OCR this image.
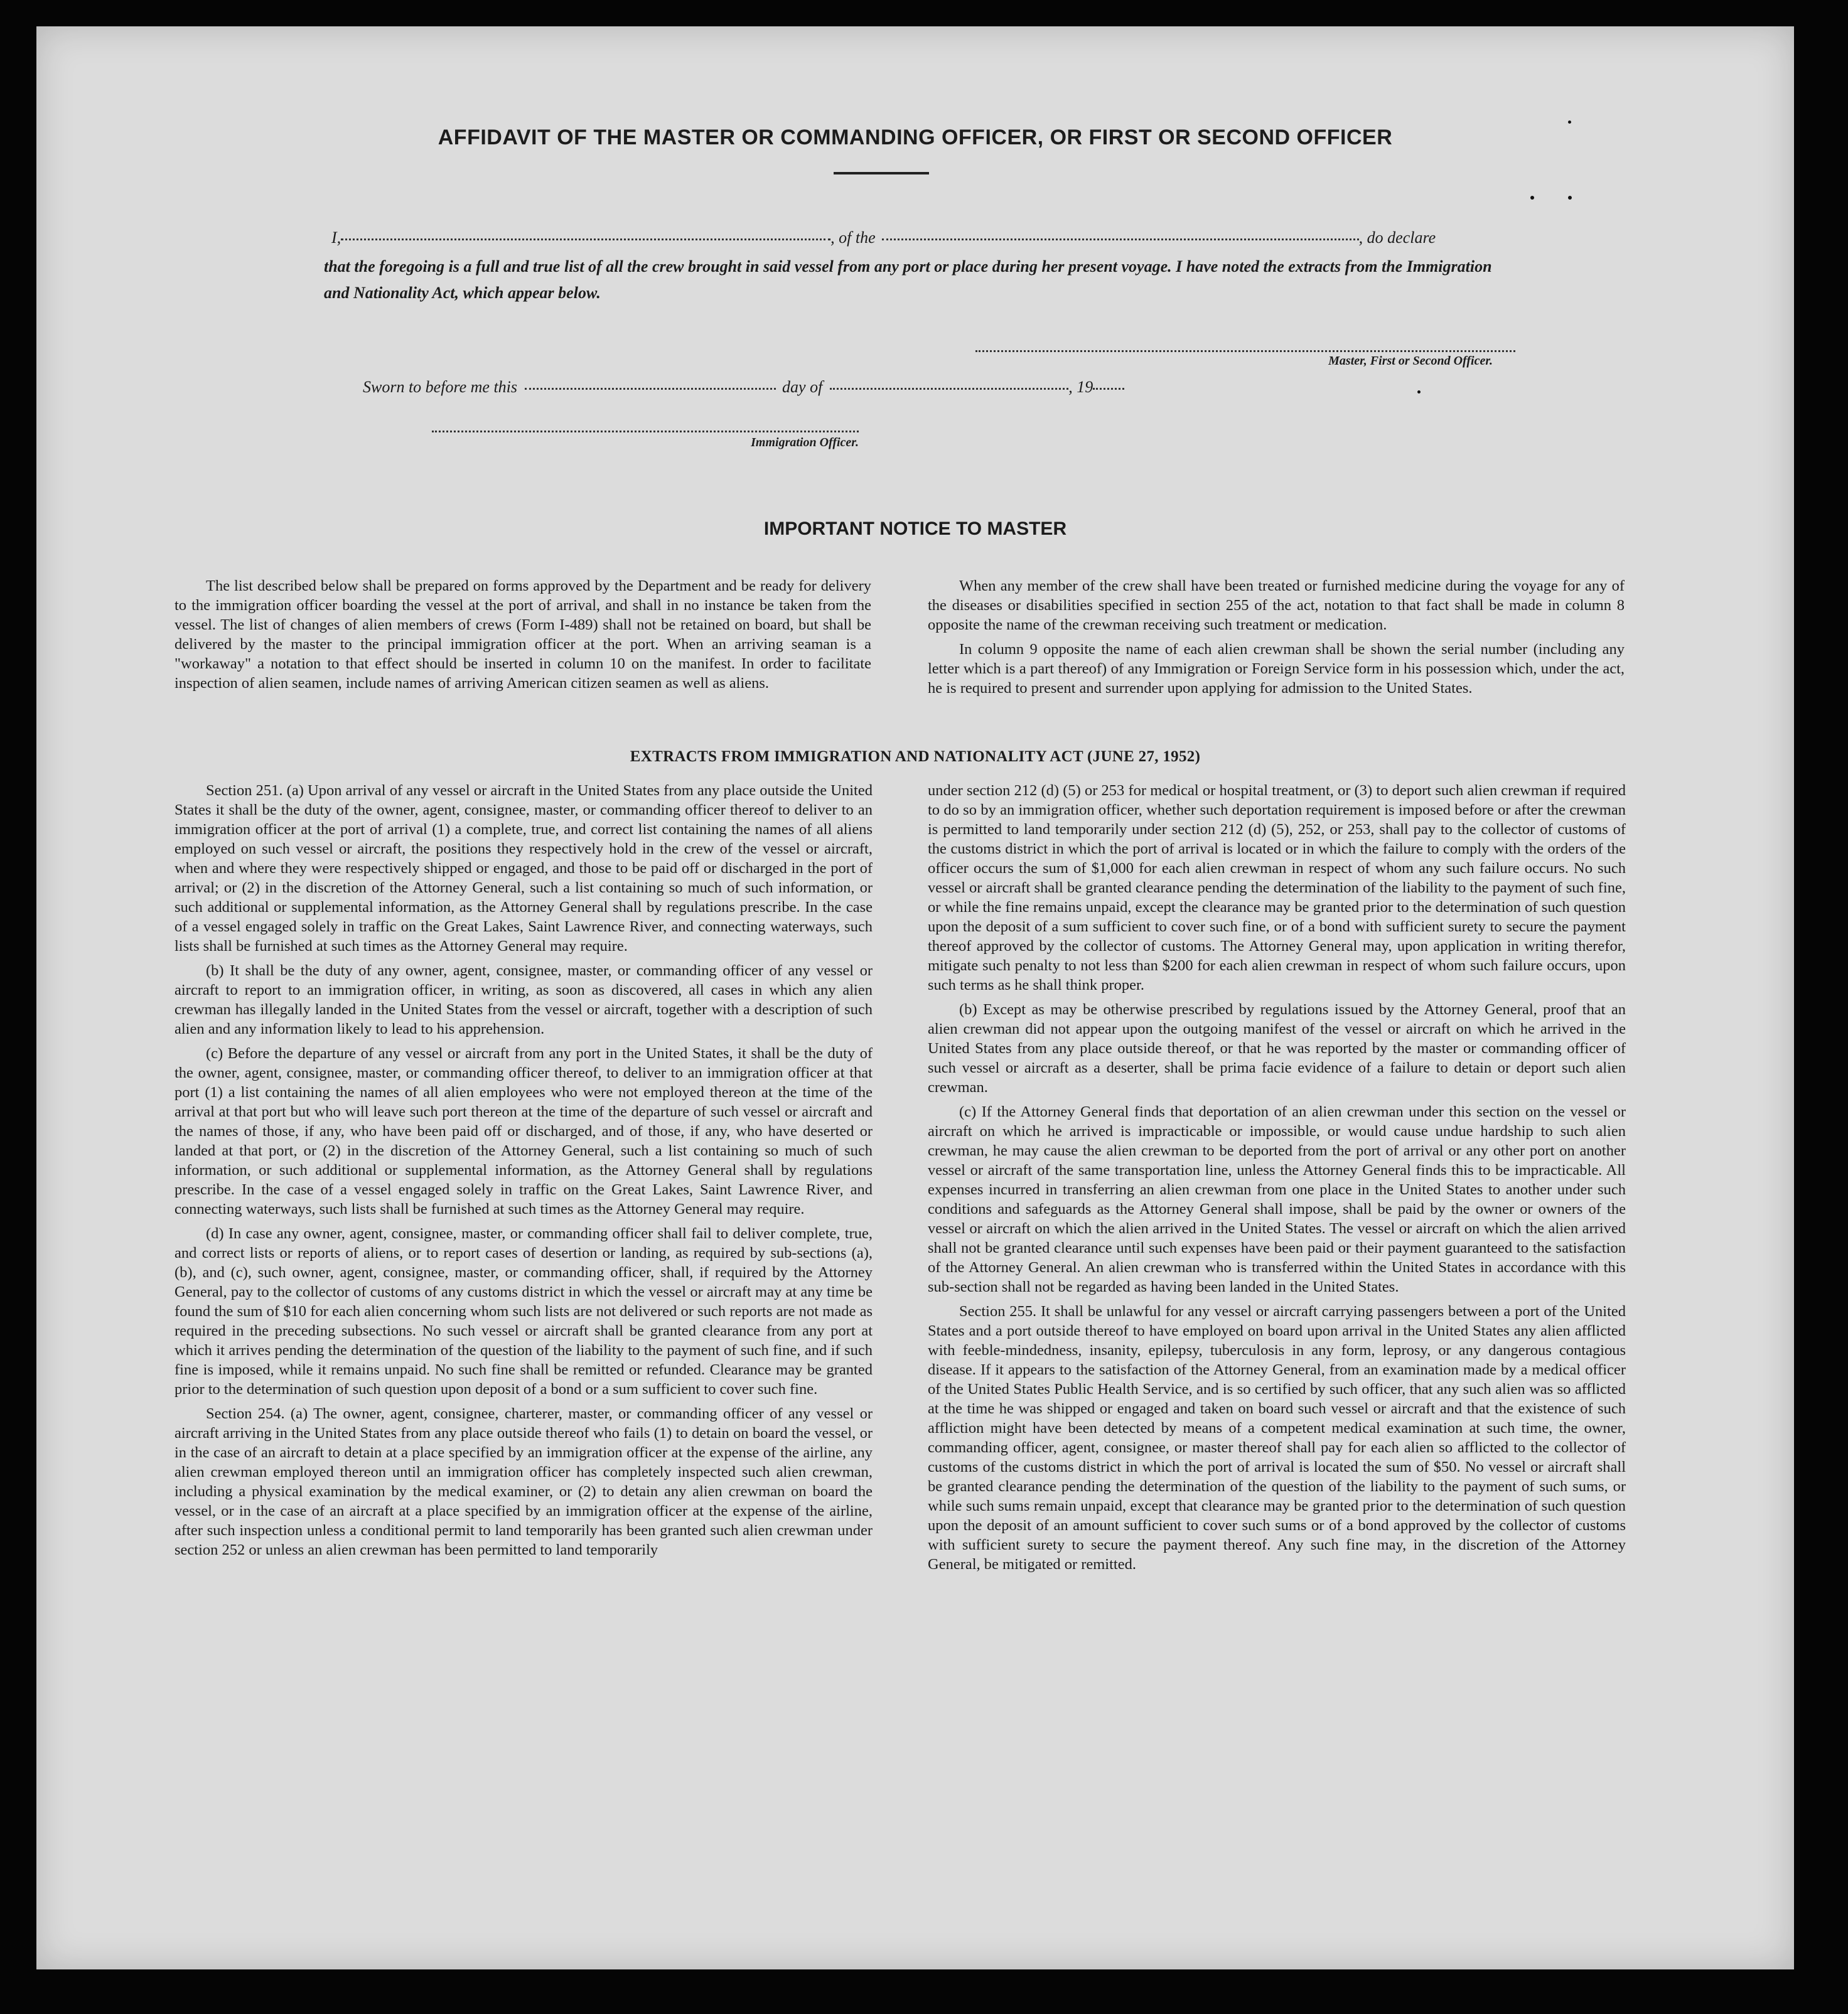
AFFIDAVIT OF THE MASTER OR COMMANDING OFFICER, OR FIRST OR SECOND OFFICER
I,	, of the	, do declare
that the foregoing is a full and true list of all the crew brought in said vessel from any port or place during her present voyage. I have noted the extracts from the Immigration and Nationality Act, which appear below.
Master, First or Second Officer.
Sworn to before me this	day of	, 19
Immigration Officer.
IMPORTANT NOTICE TO MASTER

The list described below shall be prepared on forms approved by the Department and be ready for delivery to the immigration officer boarding the vessel at the port of arrival, and shall in no instance be taken from the vessel. The list of changes of alien members of crews (Form I-489) shall not be retained on board, but shall be delivered by the master to the principal immigration officer at the port. When an arriving seaman is a "workaway" a notation to that effect should be inserted in column 10 on the manifest. In order to facilitate inspection of alien seamen, include names of arriving American citizen seamen as well as aliens.

When any member of the crew shall have been treated or furnished medicine during the voyage for any of the diseases or disabilities specified in section 255 of the act, notation to that fact shall be made in column 8 opposite the name of the crewman receiving such treatment or medication.

In column 9 opposite the name of each alien crewman shall be shown the serial number (including any letter which is a part thereof) of any Immigration or Foreign Service form in his possession which, under the act, he is required to present and surrender upon applying for admission to the United States.

EXTRACTS FROM IMMIGRATION AND NATIONALITY ACT (JUNE 27, 1952)

Section 251. (a) Upon arrival of any vessel or aircraft in the United States from any place outside the United States it shall be the duty of the owner, agent, consignee, master, or commanding officer thereof to deliver to an immigration officer at the port of arrival (1) a complete, true, and correct list containing the names of all aliens employed on such vessel or aircraft, the positions they respectively hold in the crew of the vessel or aircraft, when and where they were respectively shipped or engaged, and those to be paid off or discharged in the port of arrival; or (2) in the discretion of the Attorney General, such a list containing so much of such information, or such additional or supplemental information, as the Attorney General shall by regulations prescribe. In the case of a vessel engaged solely in traffic on the Great Lakes, Saint Lawrence River, and connecting waterways, such lists shall be furnished at such times as the Attorney General may require.

(b) It shall be the duty of any owner, agent, consignee, master, or commanding officer of any vessel or aircraft to report to an immigration officer, in writing, as soon as discovered, all cases in which any alien crewman has illegally landed in the United States from the vessel or aircraft, together with a description of such alien and any information likely to lead to his apprehension.

(c) Before the departure of any vessel or aircraft from any port in the United States, it shall be the duty of the owner, agent, consignee, master, or commanding officer thereof, to deliver to an immigration officer at that port (1) a list containing the names of all alien employees who were not employed thereon at the time of the arrival at that port but who will leave such port thereon at the time of the departure of such vessel or aircraft and the names of those, if any, who have been paid off or discharged, and of those, if any, who have deserted or landed at that port, or (2) in the discretion of the Attorney General, such a list containing so much of such information, or such additional or supplemental information, as the Attorney General shall by regulations prescribe. In the case of a vessel engaged solely in traffic on the Great Lakes, Saint Lawrence River, and connecting waterways, such lists shall be furnished at such times as the Attorney General may require.

(d) In case any owner, agent, consignee, master, or commanding officer shall fail to deliver complete, true, and correct lists or reports of aliens, or to report cases of desertion or landing, as required by sub-sections (a), (b), and (c), such owner, agent, consignee, master, or commanding officer, shall, if required by the Attorney General, pay to the collector of customs of any customs district in which the vessel or aircraft may at any time be found the sum of $10 for each alien concerning whom such lists are not delivered or such reports are not made as required in the preceding subsections. No such vessel or aircraft shall be granted clearance from any port at which it arrives pending the determination of the question of the liability to the payment of such fine, and if such fine is imposed, while it remains unpaid. No such fine shall be remitted or refunded. Clearance may be granted prior to the determination of such question upon deposit of a bond or a sum sufficient to cover such fine.

Section 254. (a) The owner, agent, consignee, charterer, master, or commanding officer of any vessel or aircraft arriving in the United States from any place outside thereof who fails (1) to detain on board the vessel, or in the case of an aircraft to detain at a place specified by an immigration officer at the expense of the airline, any alien crewman employed thereon until an immigration officer has completely inspected such alien crewman, including a physical examination by the medical examiner, or (2) to detain any alien crewman on board the vessel, or in the case of an aircraft at a place specified by an immigration officer at the expense of the airline, after such inspection unless a conditional permit to land temporarily has been granted such alien crewman under section 252 or unless an alien crewman has been permitted to land temporarily

under section 212 (d) (5) or 253 for medical or hospital treatment, or (3) to deport such alien crewman if required to do so by an immigration officer, whether such deportation requirement is imposed before or after the crewman is permitted to land temporarily under section 212 (d) (5), 252, or 253, shall pay to the collector of customs of the customs district in which the port of arrival is located or in which the failure to comply with the orders of the officer occurs the sum of $1,000 for each alien crewman in respect of whom any such failure occurs. No such vessel or aircraft shall be granted clearance pending the determination of the liability to the payment of such fine, or while the fine remains unpaid, except the clearance may be granted prior to the determination of such question upon the deposit of a sum sufficient to cover such fine, or of a bond with sufficient surety to secure the payment thereof approved by the collector of customs. The Attorney General may, upon application in writing therefor, mitigate such penalty to not less than $200 for each alien crewman in respect of whom such failure occurs, upon such terms as he shall think proper.

(b) Except as may be otherwise prescribed by regulations issued by the Attorney General, proof that an alien crewman did not appear upon the outgoing manifest of the vessel or aircraft on which he arrived in the United States from any place outside thereof, or that he was reported by the master or commanding officer of such vessel or aircraft as a deserter, shall be prima facie evidence of a failure to detain or deport such alien crewman.

(c) If the Attorney General finds that deportation of an alien crewman under this section on the vessel or aircraft on which he arrived is impracticable or impossible, or would cause undue hardship to such alien crewman, he may cause the alien crewman to be deported from the port of arrival or any other port on another vessel or aircraft of the same transportation line, unless the Attorney General finds this to be impracticable. All expenses incurred in transferring an alien crewman from one place in the United States to another under such conditions and safeguards as the Attorney General shall impose, shall be paid by the owner or owners of the vessel or aircraft on which the alien arrived in the United States. The vessel or aircraft on which the alien arrived shall not be granted clearance until such expenses have been paid or their payment guaranteed to the satisfaction of the Attorney General. An alien crewman who is transferred within the United States in accordance with this sub-section shall not be regarded as having been landed in the United States.

Section 255. It shall be unlawful for any vessel or aircraft carrying passengers between a port of the United States and a port outside thereof to have employed on board upon arrival in the United States any alien afflicted with feeble-mindedness, insanity, epilepsy, tuberculosis in any form, leprosy, or any dangerous contagious disease. If it appears to the satisfaction of the Attorney General, from an examination made by a medical officer of the United States Public Health Service, and is so certified by such officer, that any such alien was so afflicted at the time he was shipped or engaged and taken on board such vessel or aircraft and that the existence of such affliction might have been detected by means of a competent medical examination at such time, the owner, commanding officer, agent, consignee, or master thereof shall pay for each alien so afflicted to the collector of customs of the customs district in which the port of arrival is located the sum of $50. No vessel or aircraft shall be granted clearance pending the determination of the question of the liability to the payment of such sums, or while such sums remain unpaid, except that clearance may be granted prior to the determination of such question upon the deposit of an amount sufficient to cover such sums or of a bond approved by the collector of customs with sufficient surety to secure the payment thereof. Any such fine may, in the discretion of the Attorney General, be mitigated or remitted.
